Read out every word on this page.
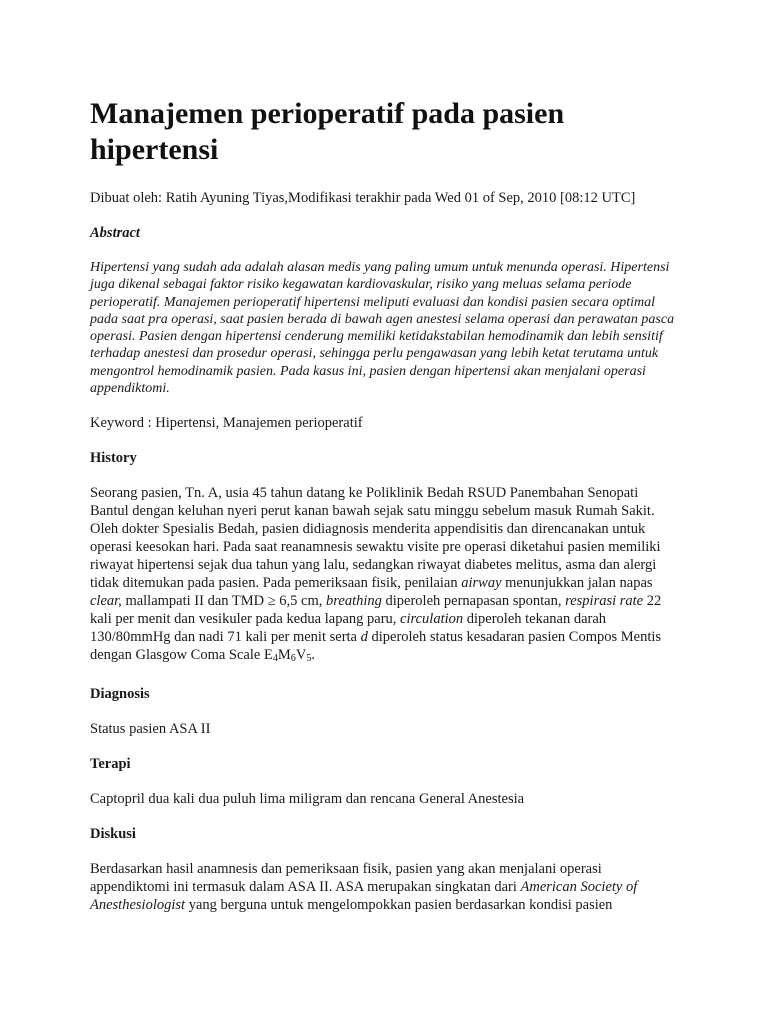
Manajemen perioperatif pada pasien
hipertensi

Dibuat oleh: Ratih Ayuning Tiyas,Modifikasi terakhir pada Wed 01 of Sep, 2010 [08:12 UTC]

Abstract

Hipertensi yang sudah ada adalah alasan medis yang paling umum untuk menunda operasi. Hipertensi juga dikenal sebagai faktor risiko kegawatan kardiovaskular, risiko yang meluas selama periode perioperatif. Manajemen perioperatif hipertensi meliputi evaluasi dan kondisi pasien secara optimal pada saat pra operasi, saat pasien berada di bawah agen anestesi selama operasi dan perawatan pasca operasi. Pasien dengan hipertensi cenderung memiliki ketidakstabilan hemodinamik dan lebih sensitif terhadap anestesi dan prosedur operasi, sehingga perlu pengawasan yang lebih ketat terutama untuk mengontrol hemodinamik pasien. Pada kasus ini, pasien dengan hipertensi akan menjalani operasi appendiktomi.

Keyword : Hipertensi, Manajemen perioperatif

History

Seorang pasien, Tn. A, usia 45 tahun datang ke Poliklinik Bedah RSUD Panembahan Senopati Bantul dengan keluhan nyeri perut kanan bawah sejak satu minggu sebelum masuk Rumah Sakit. Oleh dokter Spesialis Bedah, pasien didiagnosis menderita appendisitis dan direncanakan untuk operasi keesokan hari. Pada saat reanamnesis sewaktu visite pre operasi diketahui pasien memiliki riwayat hipertensi sejak dua tahun yang lalu, sedangkan riwayat diabetes melitus, asma dan alergi tidak ditemukan pada pasien. Pada pemeriksaan fisik, penilaian airway menunjukkan jalan napas clear, mallampati II dan TMD ≥ 6,5 cm, breathing diperoleh pernapasan spontan, respirasi rate 22 kali per menit dan vesikuler pada kedua lapang paru, circulation diperoleh tekanan darah 130/80mmHg dan nadi 71 kali per menit serta d diperoleh status kesadaran pasien Compos Mentis dengan Glasgow Coma Scale $E_4M_6V_5$.

Diagnosis

Status pasien ASA II

Terapi

Captopril dua kali dua puluh lima miligram dan rencana General Anestesia

Diskusi

Berdasarkan hasil anamnesis dan pemeriksaan fisik, pasien yang akan menjalani operasi appendiktomi ini termasuk dalam ASA II. ASA merupakan singkatan dari American Society of Anesthesiologist yang berguna untuk mengelompokkan pasien berdasarkan kondisi pasien
